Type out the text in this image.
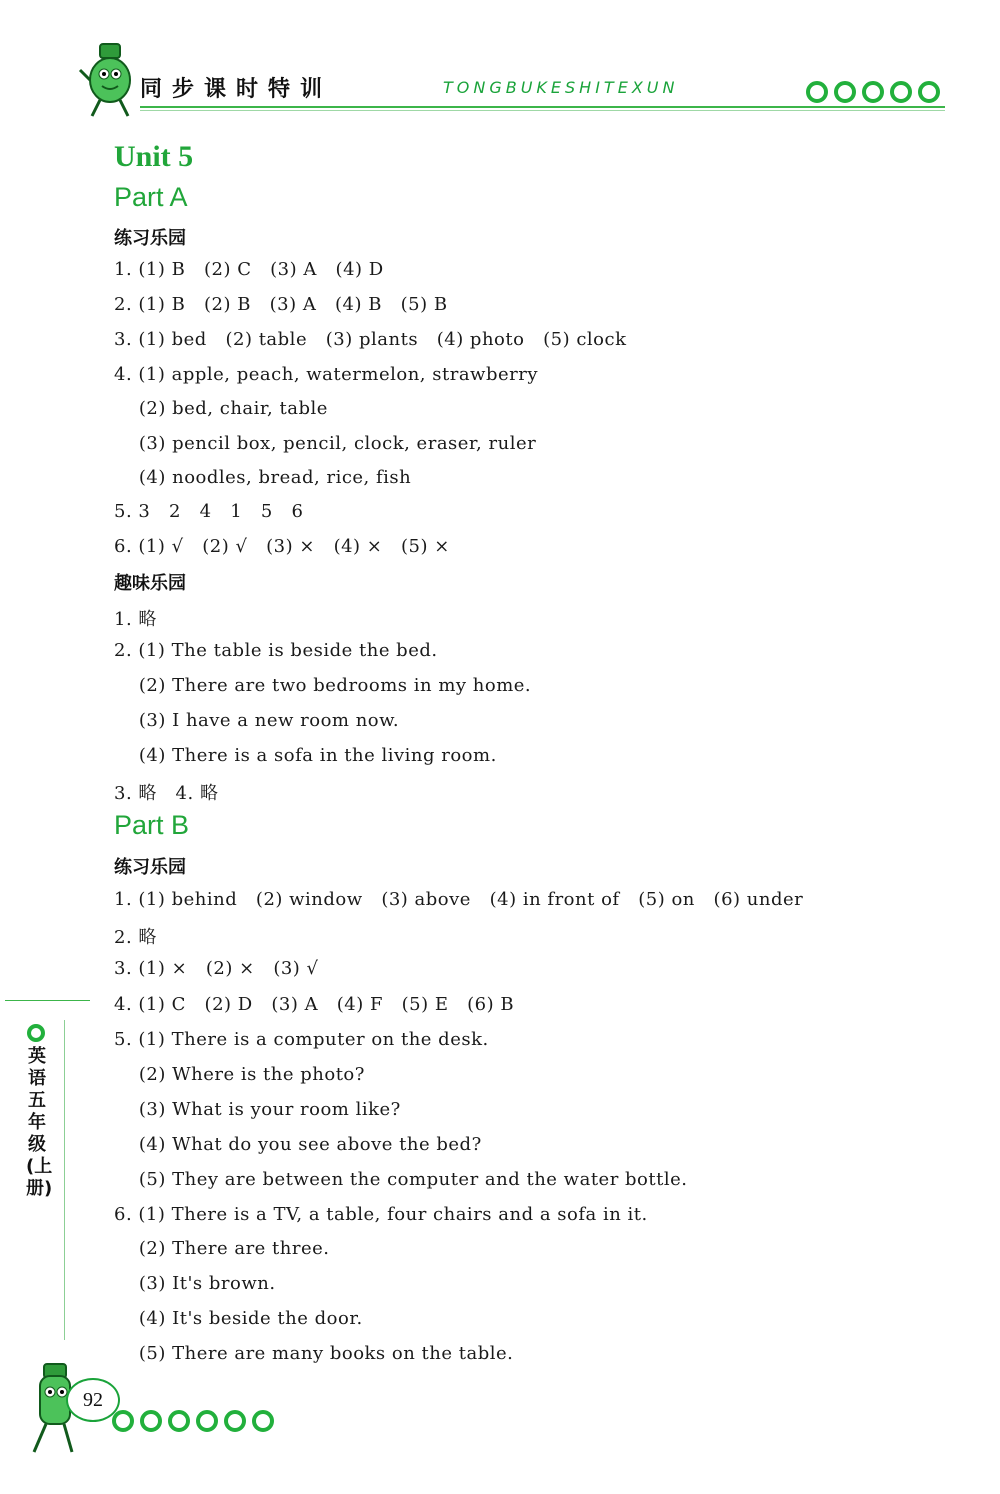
同步课时特训	TONGBUKESHITEXUN
Unit 5
Part A
练习乐园
1. (1) B   (2) C   (3) A   (4) D
2. (1) B   (2) B   (3) A   (4) B   (5) B
3. (1) bed   (2) table   (3) plants   (4) photo   (5) clock
4. (1) apple, peach, watermelon, strawberry
(2) bed, chair, table
(3) pencil box, pencil, clock, eraser, ruler
(4) noodles, bread, rice, fish
5. 3   2   4   1   5   6
6. (1) √   (2) √   (3) ×   (4) ×   (5) ×
趣味乐园
1. 略
2. (1) The table is beside the bed.
(2) There are two bedrooms in my home.
(3) I have a new room now.
(4) There is a sofa in the living room.
3. 略   4. 略
Part B
练习乐园
1. (1) behind   (2) window   (3) above   (4) in front of   (5) on   (6) under
2. 略
3. (1) ×   (2) ×   (3) √
4. (1) C   (2) D   (3) A   (4) F   (5) E   (6) B
5. (1) There is a computer on the desk.
(2) Where is the photo?
(3) What is your room like?
(4) What do you see above the bed?
(5) They are between the computer and the water bottle.
6. (1) There is a TV, a table, four chairs and a sofa in it.
(2) There are three.
(3) It's brown.
(4) It's beside the door.
(5) There are many books on the table.
英语 五年级(上册)
92
